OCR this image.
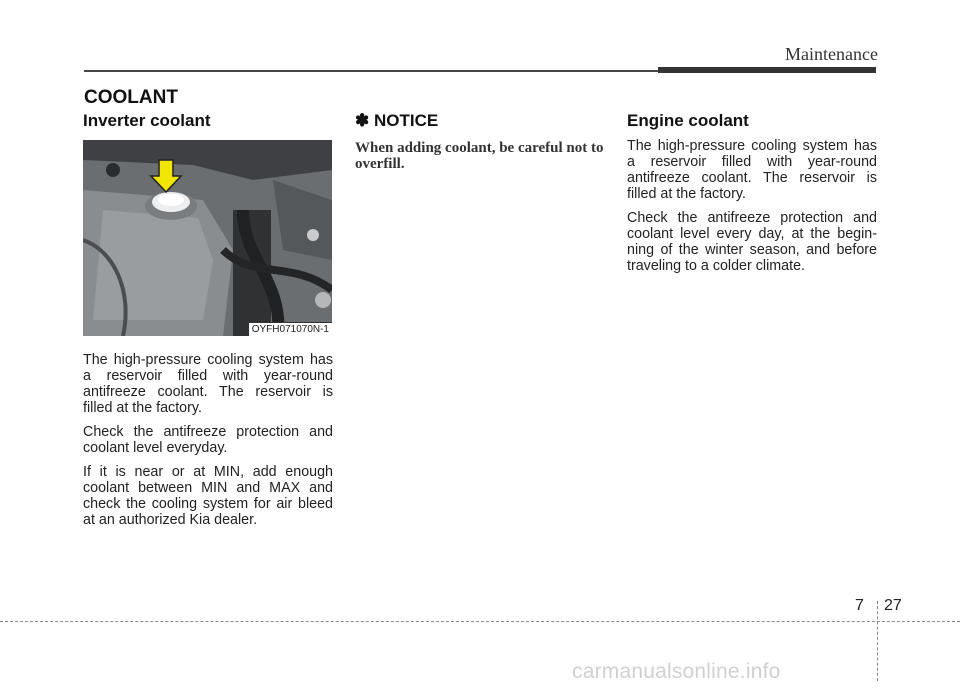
Maintenance
COOLANT
Inverter coolant
OYFH071070N-1

The high-pressure cooling system has a reservoir filled with year-round antifreeze coolant. The reservoir is filled at the factory.

Check the antifreeze protection and coolant level everyday.

If it is near or at MIN, add enough coolant between MIN and MAX and check the cooling system for air bleed at an authorized Kia dealer.

✽ NOTICE

When adding coolant, be careful not to overfill.

Engine coolant

The high-pressure cooling system has a reservoir filled with year-round antifreeze coolant. The reservoir is filled at the factory.

Check the antifreeze protection and coolant level every day, at the begin-ning of the winter season, and before traveling to a colder climate.

7 27
carmanualsonline.info
